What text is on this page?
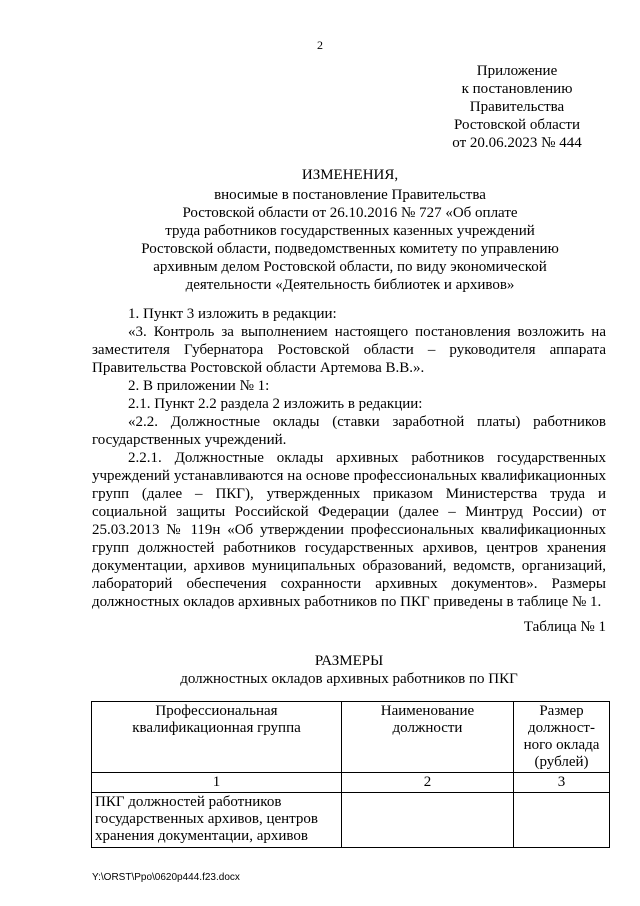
2
Приложение
к постановлению
Правительства
Ростовской области
от 20.06.2023 № 444
ИЗМЕНЕНИЯ,
вносимые в постановление Правительства
Ростовской области от 26.10.2016 № 727 «Об оплате
труда работников государственных казенных учреждений
Ростовской области, подведомственных комитету по управлению
архивным делом Ростовской области, по виду экономической
деятельности «Деятельность библиотек и архивов»

1. Пункт 3 изложить в редакции:

«3. Контроль за выполнением настоящего постановления возложить на заместителя Губернатора Ростовской области – руководителя аппарата Правительства Ростовской области Артемова В.В.».

2. В приложении № 1:

2.1. Пункт 2.2 раздела 2 изложить в редакции:

«2.2. Должностные оклады (ставки заработной платы) работников государственных учреждений.

2.2.1. Должностные оклады архивных работников государственных учреждений устанавливаются на основе профессиональных квалификационных групп (далее – ПКГ), утвержденных приказом Министерства труда и социальной защиты Российской Федерации (далее – Минтруд России) от 25.03.2013 № 119н «Об утверждении профессиональных квалификационных групп должностей работников государственных архивов, центров хранения документации, архивов муниципальных образований, ведомств, организаций, лабораторий обеспечения сохранности архивных документов». Размеры должностных окладов архивных работников по ПКГ приведены в таблице № 1.

Таблица № 1
РАЗМЕРЫ
должностных окладов архивных работников по ПКГ
Профессиональная квалификационная группа	Наименование должности	Размер должност-ного оклада (рублей)
1	2	3
ПКГ должностей работников государственных архивов, центров хранения документации, архивов		
Y:\ORST\Ppo\0620p444.f23.docx
